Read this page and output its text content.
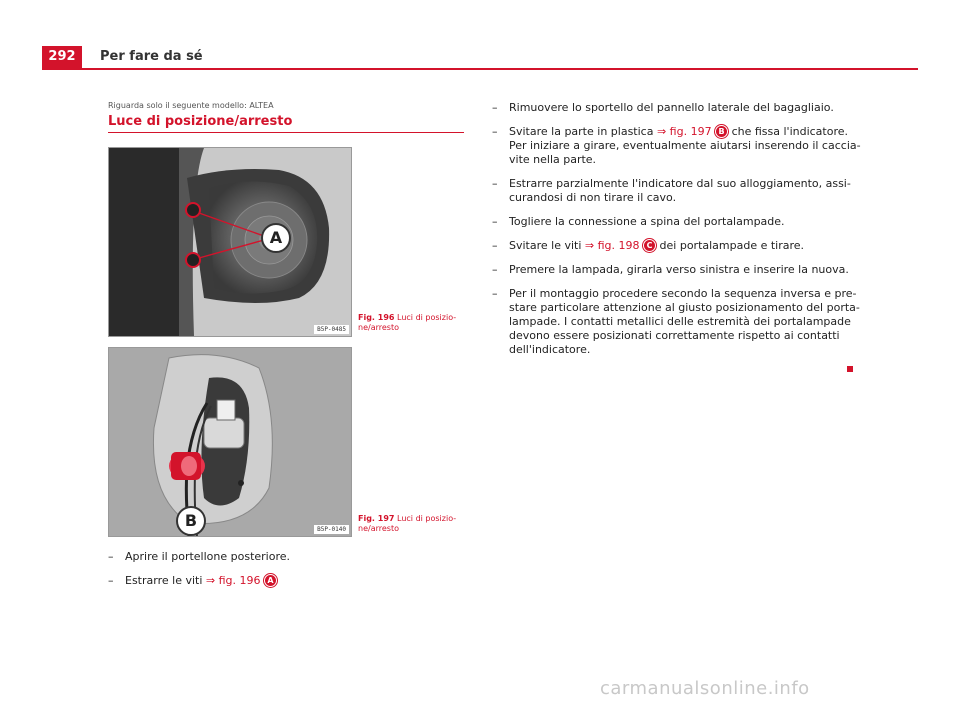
292	Per fare da sé
Riguarda solo il seguente modello: ALTEA
Luce di posizione/arresto
A
B5P-0485
Fig. 196 Luci di posizio-
ne/arresto
B	B5P-0140
Fig. 197 Luci di posizio-
ne/arresto
– Aprire il portellone posteriore.
– Estrarre le viti ⇒ fig. 196 A
– Rimuovere lo sportello del pannello laterale del bagagliaio.
– Svitare la parte in plastica ⇒ fig. 197 B che fissa l'indicatore. Per iniziare a girare, eventualmente aiutarsi inserendo il caccia-vite nella parte.
– Estrarre parzialmente l'indicatore dal suo alloggiamento, assi-curandosi di non tirare il cavo.
– Togliere la connessione a spina del portalampade.
– Svitare le viti ⇒ fig. 198 C dei portalampade e tirare.
– Premere la lampada, girarla verso sinistra e inserire la nuova.
– Per il montaggio procedere secondo la sequenza inversa e pre-stare particolare attenzione al giusto posizionamento del porta-lampade. I contatti metallici delle estremità dei portalampade devono essere posizionati correttamente rispetto ai contatti dell'indicatore.
carmanualsonline.info
